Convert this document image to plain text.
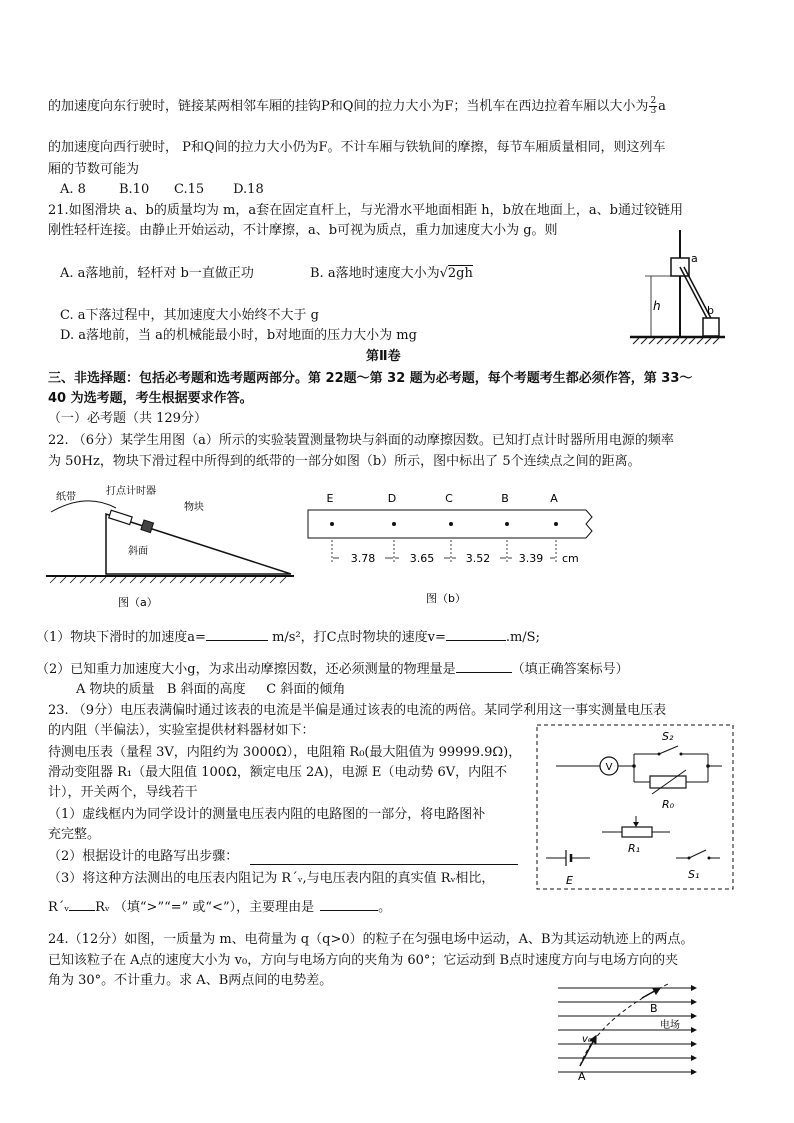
的加速度向东行驶时，链接某两相邻车厢的挂钩P和Q间的拉力大小为F；当机车在西边拉着车厢以大小为 $\frac{2}{3}$ a
的加速度向西行驶时， P和Q间的拉力大小仍为F。不计车厢与铁轨间的摩擦，每节车厢质量相同，则这列车
厢的节数可能为
A. 8        B.10      C.15       D.18
21.如图滑块 a、b的质量均为 m，a套在固定直杆上，与光滑水平地面相距 h，b放在地面上，a、b通过铰链用
刚性轻杆连接。由静止开始运动，不计摩擦，a、b可视为质点，重力加速度大小为 g。则
A. a落地前，轻杆对 b一直做正功	B. a落地时速度大小为√2gh
C. a下落过程中，其加速度大小始终不大于 g
D. a落地前，当 a的机械能最小时，b对地面的压力大小为 mg
a
b
h
第Ⅱ卷
三、非选择题：包括必考题和选考题两部分。第 22题～第 32 题为必考题，每个考题考生都必须作答，第 33～
40 为选考题，考生根据要求作答。
（一）必考题（共 129分）
22. （6分）某学生用图（a）所示的实验装置测量物块与斜面的动摩擦因数。已知打点计时器所用电源的频率
为 50Hz，物块下滑过程中所得到的纸带的一部分如图（b）所示，图中标出了 5个连续点之间的距离。
纸带
打点计时器
物块
斜面
图（a）
E	D	C	B	A
3.78	3.65	3.52	3.39 cm
图（b）
（1）物块下滑时的加速度a=	m/s²，打C点时物块的速度v=	.m/S;
（2）已知重力加速度大小g，为求出动摩擦因数，还必须测量的物理量是	（填正确答案标号）
A 物块的质量   B 斜面的高度     C 斜面的倾角
23. （9分）电压表满偏时通过该表的电流是半偏是通过该表的电流的两倍。某同学利用这一事实测量电压表
的内阻（半偏法），实验室提供材料器材如下：
待测电压表（量程 3V，内阻约为 3000Ω），电阻箱 R₀(最大阻值为 99999.9Ω)，
滑动变阻器 R₁（最大阻值 100Ω，额定电压 2A)，电源 E（电动势 6V，内阻不
计），开关两个，导线若干
（1）虚线框内为同学设计的测量电压表内阻的电路图的一部分，将电路图补
充完整。
（2）根据设计的电路写出步骤：
（3）将这种方法测出的电压表内阻记为 R΄ᵥ,与电压表内阻的真实值 Rᵥ相比，
R΄ᵥ Rᵥ （填“>”“=” 或“<”），主要理由是	。
V
S₂
R₀
R₁
E	S₁
24.（12分）如图，一质量为 m、电荷量为 q（q>0）的粒子在匀强电场中运动，A、B为其运动轨迹上的两点。
已知该粒子在 A点的速度大小为 v₀，方向与电场方向的夹角为 60°；它运动到 B点时速度方向与电场方向的夹
角为 30°。不计重力。求 A、B两点间的电势差。
A
B
v₀
电场
